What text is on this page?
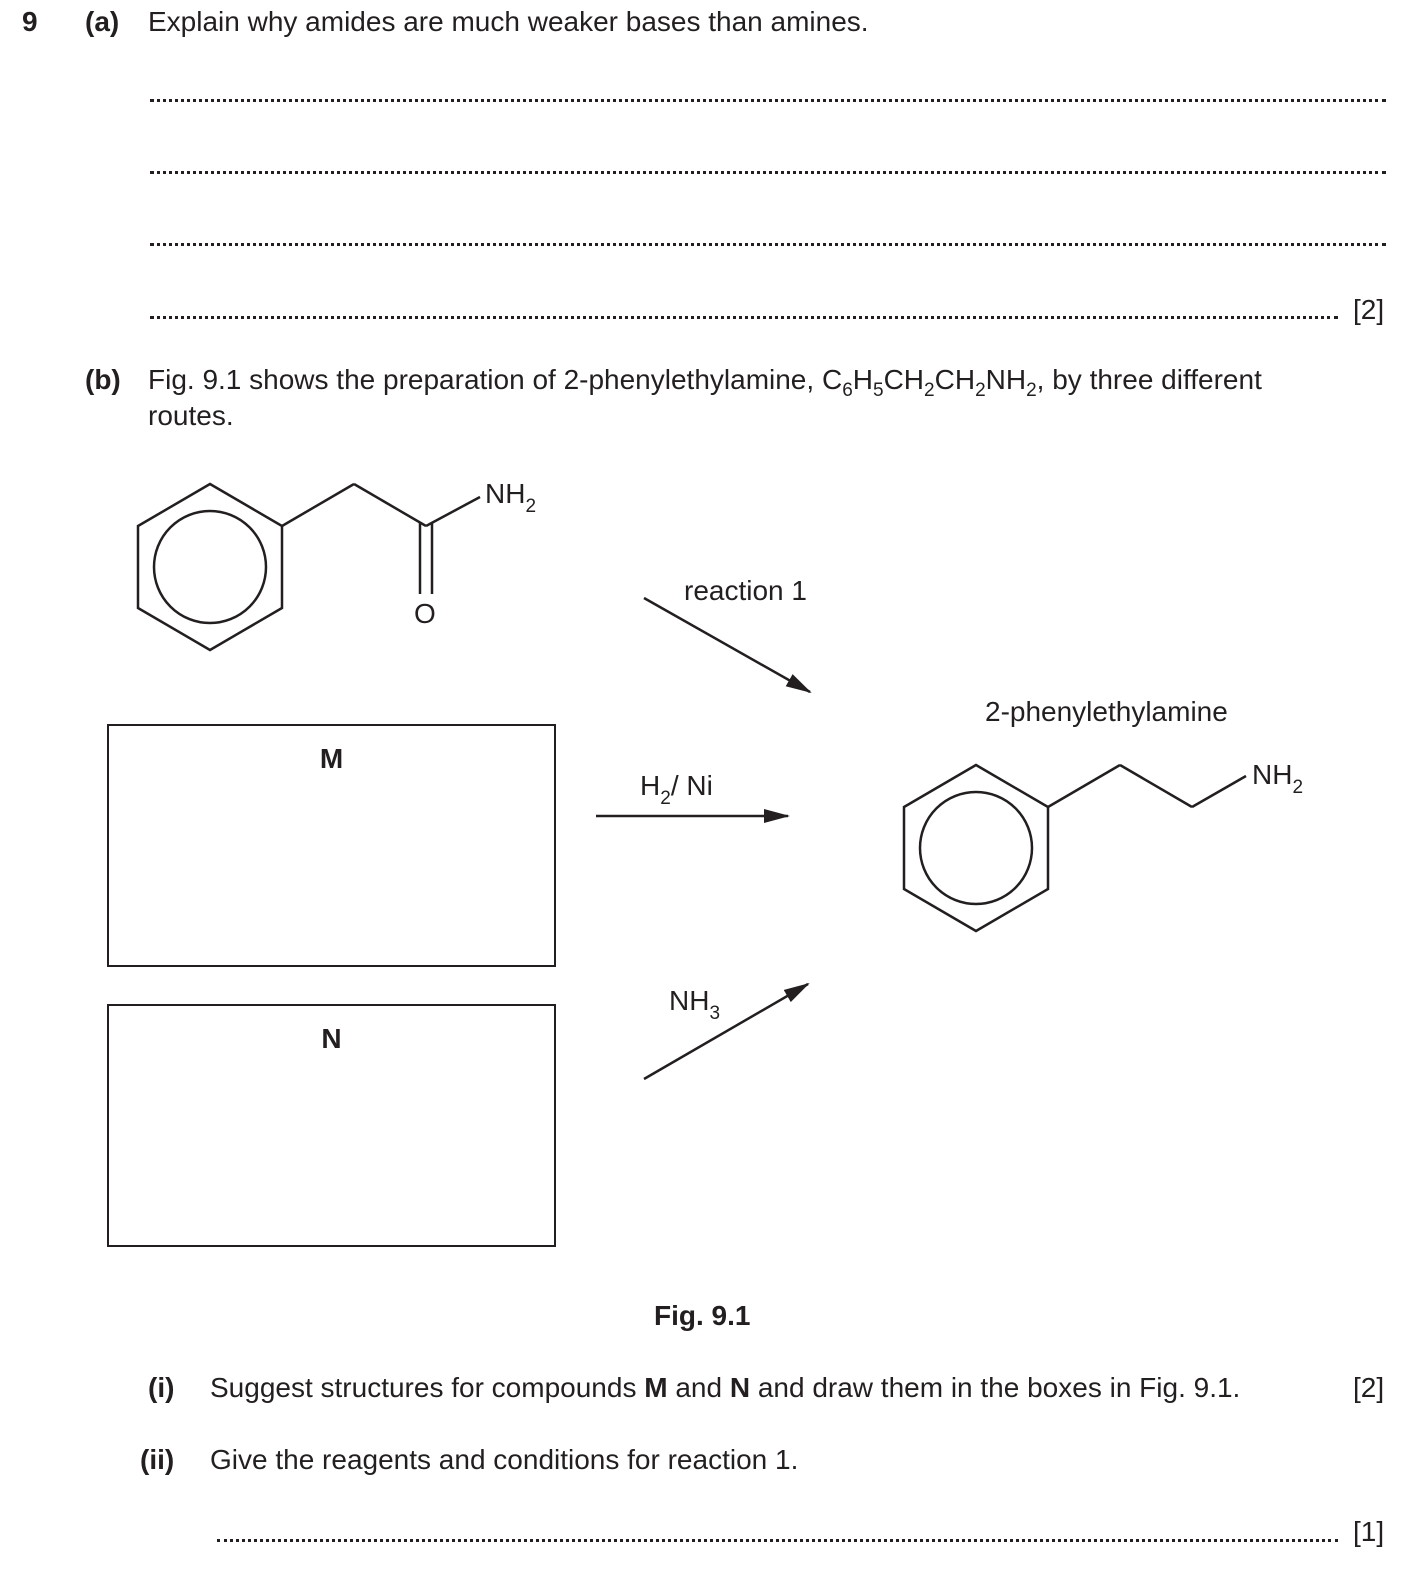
9 (a) Explain why amides are much weaker bases than amines.
[2]
(b) Fig. 9.1 shows the preparation of 2-phenylethylamine, $C_6H_5CH_2CH_2NH_2$, by three different
routes.
O
$NH_2$
reaction 1
$H_2/$ Ni
$NH_3$
2-phenylethylamine
$NH_2$
M
N
Fig. 9.1
(i) Suggest structures for compounds M and N and draw them in the boxes in Fig. 9.1.	[2]
(ii) Give the reagents and conditions for reaction 1.
[1]
